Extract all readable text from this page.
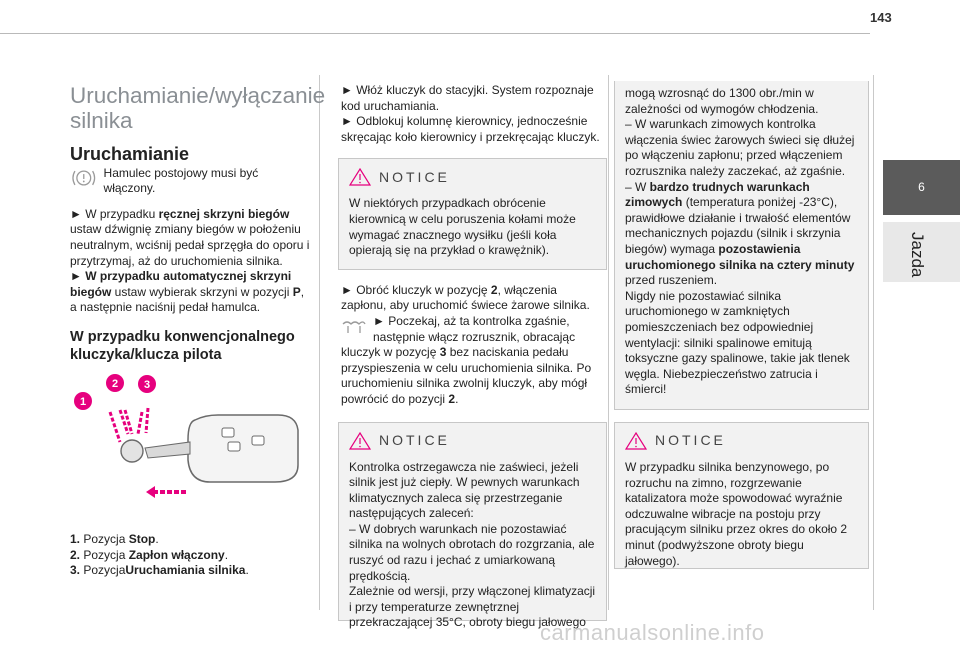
143
Uruchamianie/wyłączanie
silnika
Uruchamianie

Hamulec postojowy musi być włączony.

► W przypadku ręcznej skrzyni biegów ustaw dźwignię zmiany biegów w położeniu neutralnym, wciśnij pedał sprzęgła do oporu i przytrzymaj, aż do uruchomienia silnika.

► W przypadku automatycznej skrzyni biegów ustaw wybierak skrzyni w pozycji P, a następnie naciśnij pedał hamulca.

W przypadku konwencjonalnego
kluczyka/klucza pilota
1
2 3

1. Pozycja Stop.

2. Pozycja Zapłon włączony.

3. PozycjaUruchamiania silnika.

► Włóż kluczyk do stacyjki. System rozpoznaje kod uruchamiania.

► Odblokuj kolumnę kierownicy, jednocześnie skręcając koło kierownicy i przekręcając kluczyk.

NOTICE

W niektórych przypadkach obrócenie kierownicą w celu poruszenia kołami może wymagać znacznego wysiłku (jeśli koła opierają się na przykład o krawężnik).

► Obróć kluczyk w pozycję 2, włączenia zapłonu, aby uruchomić świece żarowe silnika.

► Poczekaj, aż ta kontrolka zgaśnie, następnie włącz rozrusznik, obracając kluczyk w pozycję 3 bez naciskania pedału przyspieszenia w celu uruchomienia silnika. Po uruchomieniu silnika zwolnij kluczyk, aby mógł powrócić do pozycji 2.

NOTICE

Kontrolka ostrzegawcza nie zaświeci, jeżeli silnik jest już ciepły. W pewnych warunkach klimatycznych zaleca się przestrzeganie następujących zaleceń:

– W dobrych warunkach nie pozostawiać silnika na wolnych obrotach do rozgrzania, ale ruszyć od razu i jechać z umiarkowaną prędkością.

Zależnie od wersji, przy włączonej klimatyzacji i przy temperaturze zewnętrznej przekraczającej 35°C, obroty biegu jałowego

mogą wzrosnąć do 1300 obr./min w zależności od wymogów chłodzenia.

– W warunkach zimowych kontrolka włączenia świec żarowych świeci się dłużej po włączeniu zapłonu; przed włączeniem rozrusznika należy zaczekać, aż zgaśnie.

– W bardzo trudnych warunkach zimowych (temperatura poniżej -23°C), prawidłowe działanie i trwałość elementów mechanicznych pojazdu (silnik i skrzynia biegów) wymaga pozostawienia uruchomionego silnika na cztery minuty przed ruszeniem.

Nigdy nie pozostawiać silnika uruchomionego w zamkniętych pomieszczeniach bez odpowiedniej wentylacji: silniki spalinowe emitują toksyczne gazy spalinowe, takie jak tlenek węgla. Niebezpieczeństwo zatrucia i śmierci!

NOTICE

W przypadku silnika benzynowego, po rozruchu na zimno, rozgrzewanie katalizatora może spowodować wyraźnie odczuwalne wibracje na postoju przy pracującym silniku przez okres do około 2 minut (podwyższone obroty biegu jałowego).

6
Jazda
carmanualsonline.info
